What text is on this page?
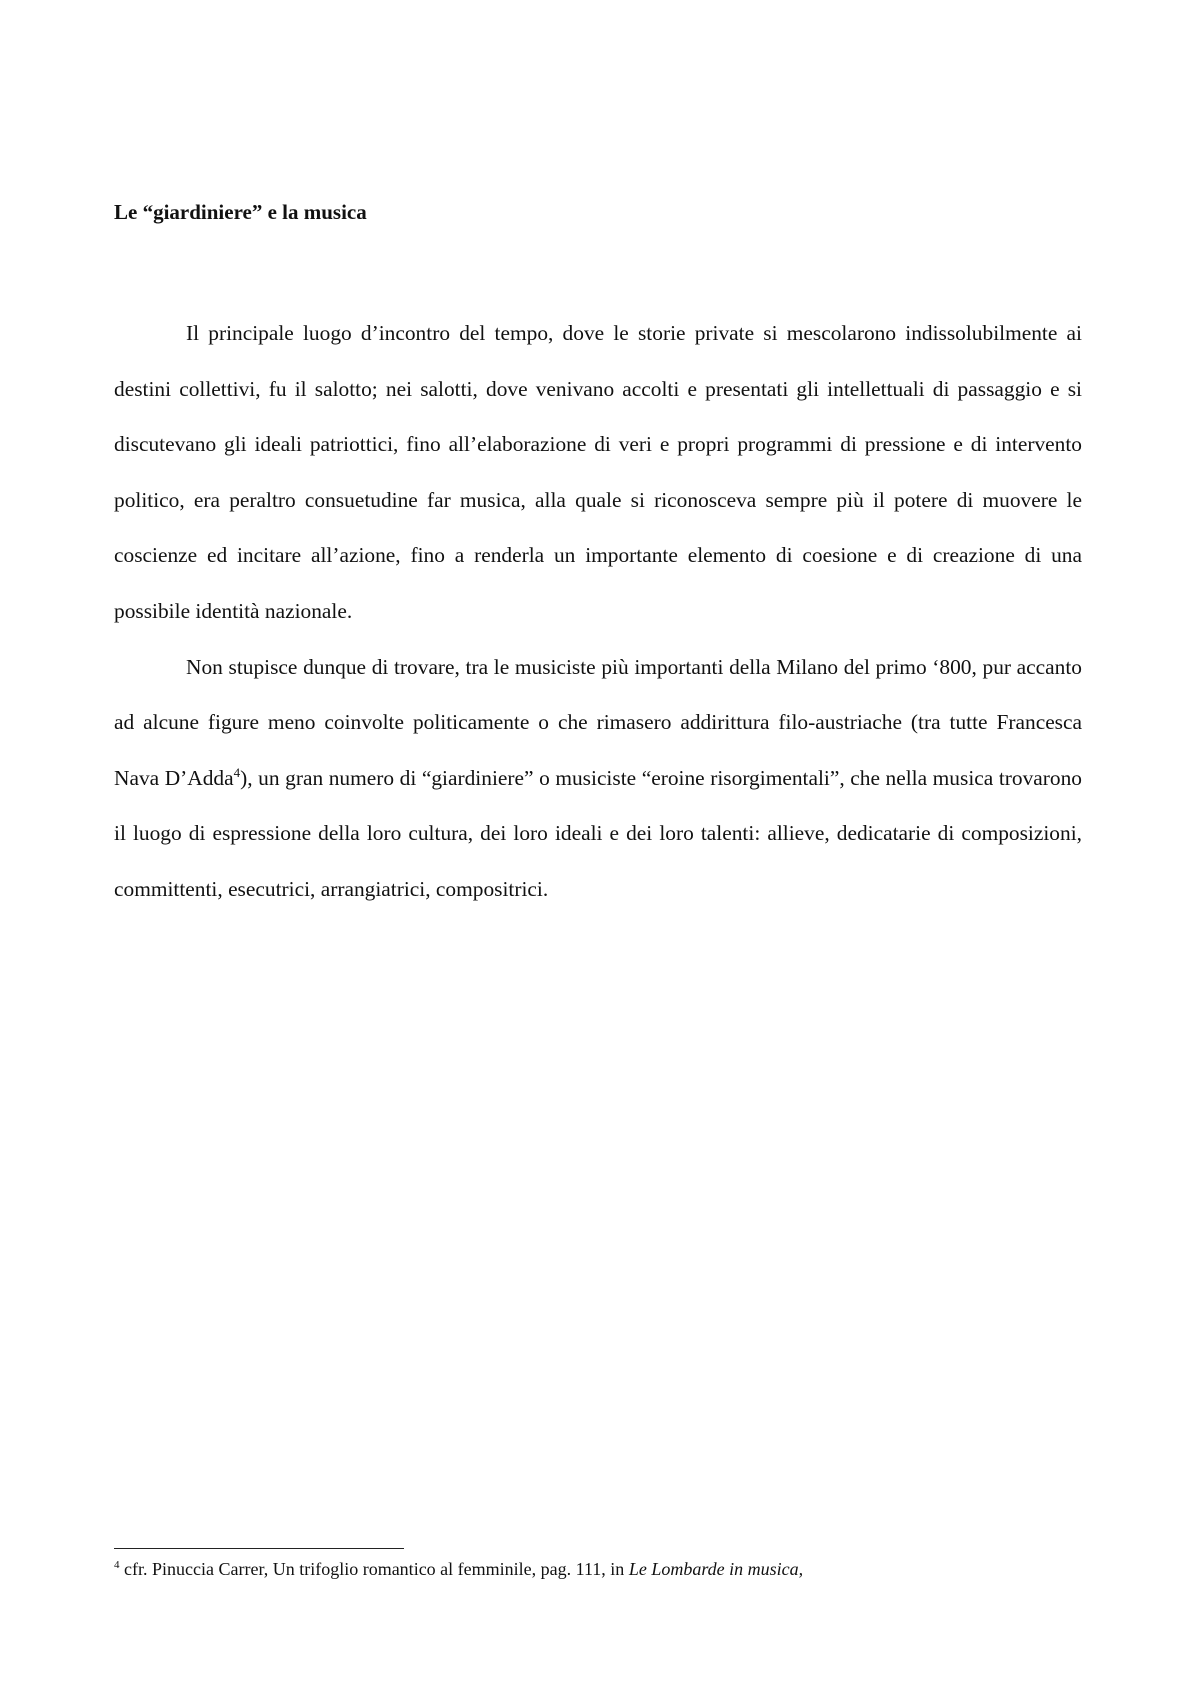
Le “giardiniere” e la musica

Il principale luogo d’incontro del tempo, dove le storie private si mescolarono indissolubilmente ai destini collettivi, fu il salotto; nei salotti, dove venivano accolti e presentati gli intellettuali di passaggio e si discutevano gli ideali patriottici, fino all’elaborazione di veri e propri programmi di pressione e di intervento politico, era peraltro consuetudine far musica, alla quale si riconosceva sempre più il potere di muovere le coscienze ed incitare all’azione, fino a renderla un importante elemento di coesione e di creazione di una possibile identità nazionale.

Non stupisce dunque di trovare, tra le musiciste più importanti della Milano del primo ‘800, pur accanto ad alcune figure meno coinvolte politicamente o che rimasero addirittura filo-austriache (tra tutte Francesca Nava D’Adda$^4$), un gran numero di “giardiniere” o musiciste “eroine risorgimentali”, che nella musica trovarono il luogo di espressione della loro cultura, dei loro ideali e dei loro talenti: allieve, dedicatarie di composizioni, committenti, esecutrici, arrangiatrici, compositrici.

$^4$ cfr. Pinuccia Carrer, Un trifoglio romantico al femminile, pag. 111, in Le Lombarde in musica,
